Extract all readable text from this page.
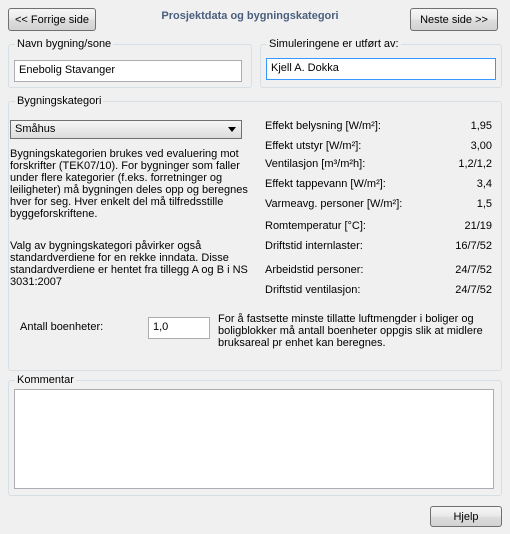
<< Forrige side	Prosjektdata og bygningskategori	Neste side >>
Navn bygning/sone
Enebolig Stavanger
Simuleringene er utført av:
Kjell A. Dokka
Bygningskategori
Småhus
Bygningskategorien brukes ved evaluering mot forskrifter (TEK07/10). For bygninger som faller under flere kategorier (f.eks. forretninger og leiligheter) må bygningen deles opp og beregnes hver for seg. Hver enkelt del må tilfredsstille byggeforskriftene.
Valg av bygningskategori påvirker også standardverdiene for en rekke inndata. Disse standardverdiene er hentet fra tillegg A og B i NS 3031:2007
Effekt belysning [W/m²]:	1,95
Effekt utstyr [W/m²]:	3,00
Ventilasjon [m³/m²h]:	1,2/1,2
Effekt tappevann [W/m²]:	3,4
Varmeavg. personer [W/m²]:	1,5
Romtemperatur [°C]:	21/19
Driftstid internlaster:	16/7/52
Arbeidstid personer:	24/7/52
Driftstid ventilasjon:	24/7/52
Antall boenheter:	1,0
For å fastsette minste tillatte luftmengder i boliger og boligblokker må antall boenheter oppgis slik at midlere bruksareal pr enhet kan beregnes.
Kommentar
Hjelp
